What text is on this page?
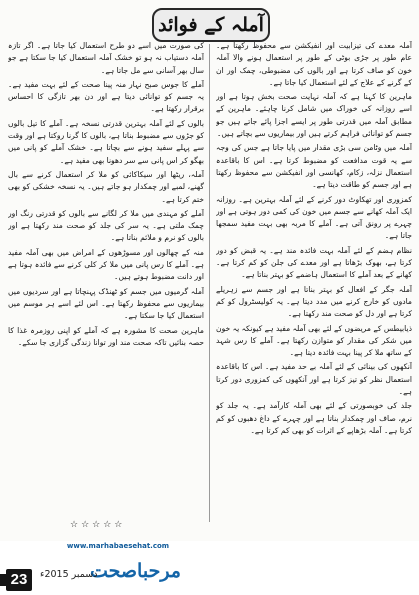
آملہ کے فوائد

آملہ معدے کی تیزابیت اور انفیکشن سے محفوظ رکھتا ہے۔ عام طور پر جڑی بوٹی کے طور پر استعمال ہونے والا آملہ خون کو صاف کرتا ہے اور بالوں کی مضبوطی، چمک اور ان کے گرنے کے علاج کے لئے استعمال کیا جاتا ہے۔

ماہرین کا کہنا ہے کہ آملہ نہایت صحت بخش ہوتا ہے اور اسے روزانہ کی خوراک میں شامل کرنا چاہئے۔ ماہرین کے مطابق آملہ میں قدرتی طور پر ایسے اجزا پائے جاتے ہیں جو جسم کو توانائی فراہم کرتے ہیں اور بیماریوں سے بچاتے ہیں۔

آملہ میں وٹامن سی بڑی مقدار میں پایا جاتا ہے جس کی وجہ سے یہ قوت مدافعت کو مضبوط کرتا ہے۔ اس کا باقاعدہ استعمال نزلہ، زکام، کھانسی اور انفیکشن سے محفوظ رکھتا ہے اور جسم کو طاقت دیتا ہے۔

کمزوری اور تھکاوٹ دور کرنے کے لئے آملہ بہترین ہے۔ روزانہ ایک آملہ کھانے سے جسم میں خون کی کمی دور ہوتی ہے اور چہرے پر رونق آتی ہے۔ آملے کا مربہ بھی بہت مفید سمجھا جاتا ہے۔

نظام ہضم کے لئے آملہ بہت فائدہ مند ہے۔ یہ قبض کو دور کرتا ہے، بھوک بڑھاتا ہے اور معدے کی جلن کو کم کرتا ہے۔ کھانے کے بعد آملے کا استعمال ہاضمے کو بہتر بناتا ہے۔

آملہ جگر کے افعال کو بہتر بناتا ہے اور جسم سے زہریلے مادوں کو خارج کرنے میں مدد دیتا ہے۔ یہ کولیسٹرول کو کم کرتا ہے اور دل کو صحت مند رکھتا ہے۔

ذیابیطس کے مریضوں کے لئے بھی آملہ مفید ہے کیونکہ یہ خون میں شکر کی مقدار کو متوازن رکھتا ہے۔ آملے کا رس شہد کے ساتھ ملا کر پینا بہت فائدہ دیتا ہے۔

آنکھوں کی بینائی کے لئے آملہ بے حد مفید ہے۔ اس کا باقاعدہ استعمال نظر کو تیز کرتا ہے اور آنکھوں کی کمزوری دور کرتا ہے۔

جلد کی خوبصورتی کے لئے بھی آملہ کارآمد ہے۔ یہ جلد کو نرم، صاف اور چمکدار بناتا ہے اور چہرے کے داغ دھبوں کو کم کرتا ہے۔ آملہ بڑھاپے کے اثرات کو بھی کم کرتا ہے۔

کی صورت میں اسے دو طرح استعمال کیا جاتا ہے۔ اگر تازہ آملہ دستیاب نہ ہو تو خشک آملہ استعمال کیا جا سکتا ہے جو سال بھر آسانی سے مل جاتا ہے۔

آملے کا جوس صبح نہار منہ پینا صحت کے لئے بہت مفید ہے۔ یہ جسم کو توانائی دیتا ہے اور دن بھر تازگی کا احساس برقرار رکھتا ہے۔

بالوں کے لئے آملہ بہترین قدرتی نسخہ ہے۔ آملے کا تیل بالوں کو جڑوں سے مضبوط بناتا ہے، بالوں کا گرنا روکتا ہے اور وقت سے پہلے سفید ہونے سے بچاتا ہے۔ خشک آملے کو پانی میں بھگو کر اس پانی سے سر دھونا بھی مفید ہے۔

آملہ، ریٹھا اور سیکاکائی کو ملا کر استعمال کرنے سے بال گھنے، لمبے اور چمکدار ہو جاتے ہیں۔ یہ نسخہ خشکی کو بھی ختم کرتا ہے۔

آملے کو مہندی میں ملا کر لگانے سے بالوں کو قدرتی رنگ اور چمک ملتی ہے۔ یہ سر کی جلد کو صحت مند رکھتا ہے اور بالوں کو نرم و ملائم بناتا ہے۔

منہ کے چھالوں اور مسوڑھوں کے امراض میں بھی آملہ مفید ہے۔ آملے کا رس پانی میں ملا کر کلی کرنے سے فائدہ ہوتا ہے اور دانت مضبوط ہوتے ہیں۔

آملہ گرمیوں میں جسم کو ٹھنڈک پہنچاتا ہے اور سردیوں میں بیماریوں سے محفوظ رکھتا ہے۔ اس لئے اسے ہر موسم میں استعمال کیا جا سکتا ہے۔

ماہرین صحت کا مشورہ ہے کہ آملے کو اپنی روزمرہ غذا کا حصہ بنائیں تاکہ صحت مند اور توانا زندگی گزاری جا سکے۔

☆☆☆☆☆
www.marhabaesehat.com
مرحباصحت
دسمبر 2015ء
23
